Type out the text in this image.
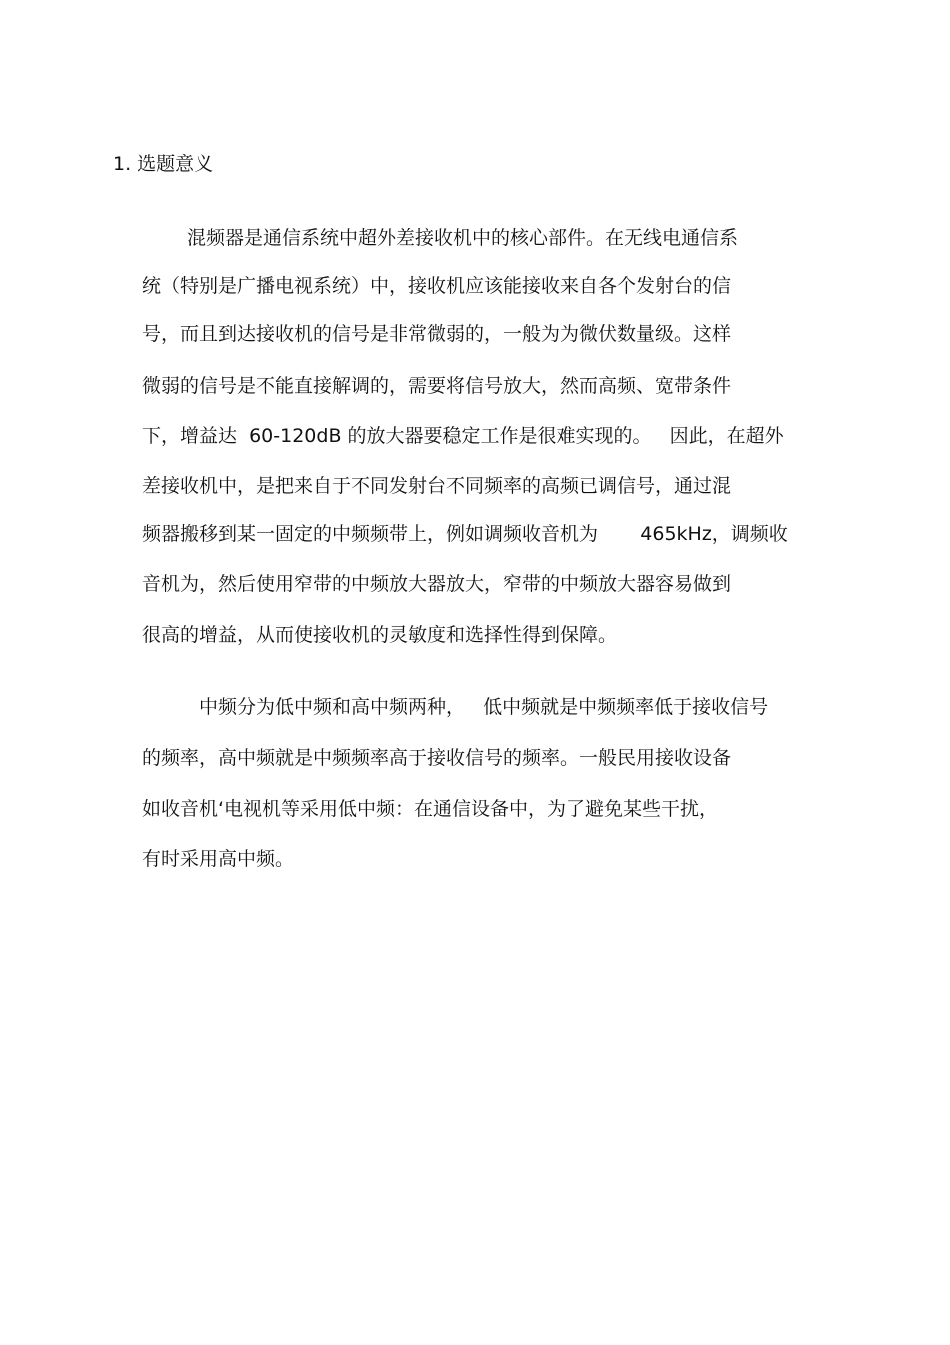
1. 选题意义
混频器是通信系统中超外差接收机中的核心部件。在无线电通信系
统（特别是广播电视系统）中，接收机应该能接收来自各个发射台的信
号，而且到达接收机的信号是非常微弱的，一般为为微伏数量级。这样
微弱的信号是不能直接解调的，需要将信号放大，然而高频、宽带条件
下，增益达  60-120dB 的放大器要稳定工作是很难实现的。   因此，在超外
差接收机中，是把来自于不同发射台不同频率的高频已调信号，通过混
频器搬移到某一固定的中频频带上，例如调频收音机为       465kHz，调频收
音机为，然后使用窄带的中频放大器放大，窄带的中频放大器容易做到
很高的增益，从而使接收机的灵敏度和选择性得到保障。
中频分为低中频和高中频两种，   低中频就是中频频率低于接收信号
的频率，高中频就是中频频率高于接收信号的频率。一般民用接收设备
如收音机‘电视机等采用低中频：在通信设备中，为了避免某些干扰，
有时采用高中频。
